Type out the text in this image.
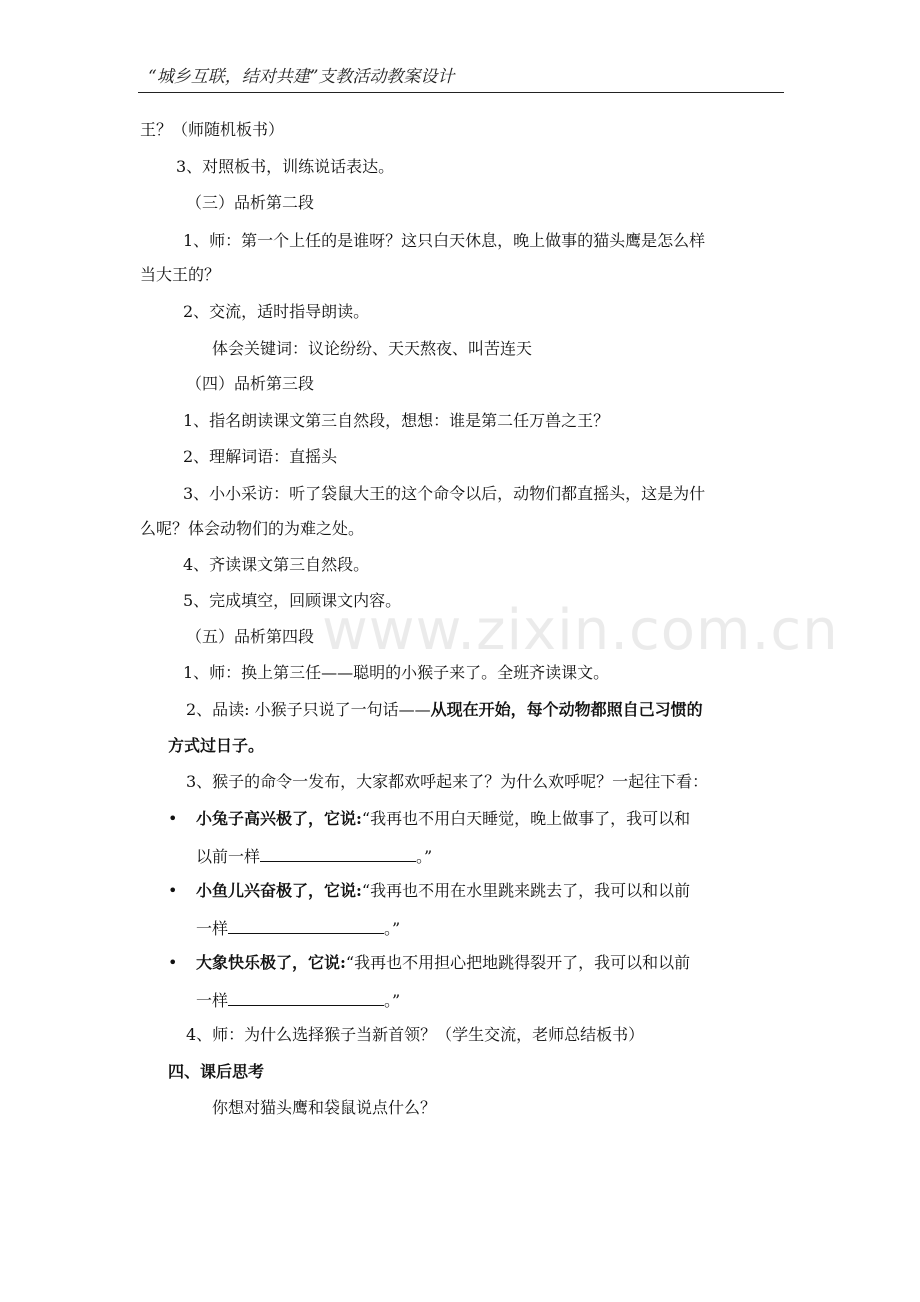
“城乡互联，结对共建”支教活动教案设计
www.zixin.com.cn
王？（师随机板书）
3、对照板书，训练说话表达。
（三）品析第二段
1、师：第一个上任的是谁呀？这只白天休息，晚上做事的猫头鹰是怎么样
当大王的？
2、交流，适时指导朗读。
体会关键词：议论纷纷、天天熬夜、叫苦连天
（四）品析第三段
1、指名朗读课文第三自然段，想想：谁是第二任万兽之王？
2、理解词语：直摇头
3、小小采访：听了袋鼠大王的这个命令以后，动物们都直摇头，这是为什
么呢？体会动物们的为难之处。
4、齐读课文第三自然段。
5、完成填空，回顾课文内容。
（五）品析第四段
1、师：换上第三任——聪明的小猴子来了。全班齐读课文。
2、品读: 小猴子只说了一句话——从现在开始，每个动物都照自己习惯的
方式过日子。
3、猴子的命令一发布，大家都欢呼起来了？为什么欢呼呢？一起往下看：
• 小兔子高兴极了，它说:“我再也不用白天睡觉，晚上做事了，我可以和
以前一样	。”
• 小鱼儿兴奋极了，它说:“我再也不用在水里跳来跳去了，我可以和以前
一样	。”
• 大象快乐极了，它说:“我再也不用担心把地跳得裂开了，我可以和以前
一样	。”
4、师：为什么选择猴子当新首领？（学生交流，老师总结板书）
四、课后思考
你想对猫头鹰和袋鼠说点什么？
